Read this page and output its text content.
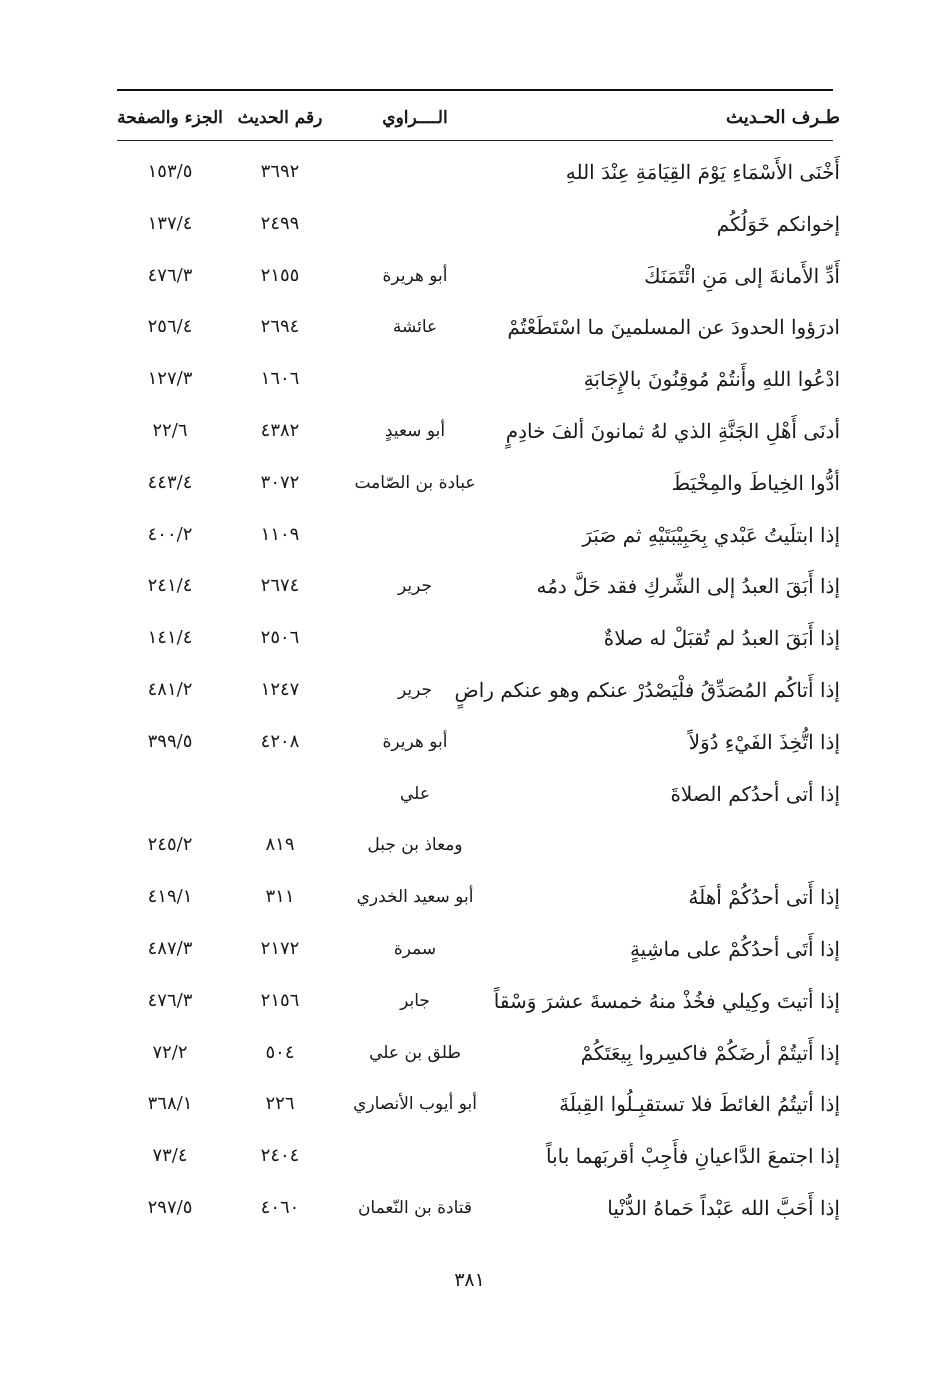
طـرف الحـديث
الــــراوي
رقم الحديث
الجزء والصفحة
أَخْنَى الأَسْمَاءِ يَوْمَ القِيَامَةِ عِنْدَ اللهِ
٣٦٩٢
١٥٣/٥
إخوانكم خَوَلُكُم
٢٤٩٩
١٣٧/٤
أَدِّ الأَمانةَ إلى مَنِ ائْتَمَنَكَ
أبو هريرة
٢١٥٥
٤٧٦/٣
ادرَؤوا الحدودَ عن المسلمينَ ما اسْتَطَعْتُمْ
عائشة
٢٦٩٤
٢٥٦/٤
ادْعُوا اللهِ وأَنتُمْ مُوقِنُونَ بالإِجَابَةِ
١٦٠٦
١٢٧/٣
أدنَى أَهْلِ الجَنَّةِ الذي لهُ ثمانونَ ألفَ خادِمٍ
أبو سعيدٍ
٤٣٨٢
٢٢/٦
أدُّوا الخِياطَ والمِخْيَطَ
عبادة بن الصّامت
٣٠٧٢
٤٤٣/٤
إذا ابتلَيتُ عَبْدي بِحَبِيْبَتَيْهِ ثم صَبَرَ
١١٠٩
٤٠٠/٢
إذا أَبَقَ العبدُ إلى الشِّركِ فقد حَلَّ دمُه
جرير
٢٦٧٤
٢٤١/٤
إذا أَبَقَ العبدُ لم تُقبَلْ له صلاةٌ
٢٥٠٦
١٤١/٤
إذا أَتاكُم المُصَدِّقُ فلْيَصْدُرْ عنكم وهو عنكم راضٍ
جرير
١٢٤٧
٤٨١/٢
إذا اتُّخِذَ الفَيْءِ دُوَلاً
أبو هريرة
٤٢٠٨
٣٩٩/٥
إذا أتى أحدُكم الصلاةَ
علي
ومعاذ بن جبل
٨١٩
٢٤٥/٢
إذا أَتى أحدُكُمْ أهلَهُ
أبو سعيد الخدري
٣١١
٤١٩/١
إذا أَتَى أحدُكُمْ على ماشِيةٍ
سمرة
٢١٧٢
٤٨٧/٣
إذا أتيتَ وكِيلي فخُذْ منهُ خمسةَ عشرَ وَسْقاً
جابر
٢١٥٦
٤٧٦/٣
إذا أَتيتُمْ أرضَكُمْ فاكسِروا بِيعَتَكُمْ
طلق بن علي
٥٠٤
٧٢/٢
إذا أتيتُمُ الغائطَ فلا تستقبِـلُوا القِبلَةَ
أبو أيوب الأنصاري
٢٢٦
٣٦٨/١
إذا اجتمعَ الدَّاعيانِ فأَجِبْ أقربَهما باباً
٢٤٠٤
٧٣/٤
إذا أَحَبَّ الله عَبْداً حَماهُ الدُّنْيا
قتادة بن النّعمان
٤٠٦٠
٢٩٧/٥
٣٨١
